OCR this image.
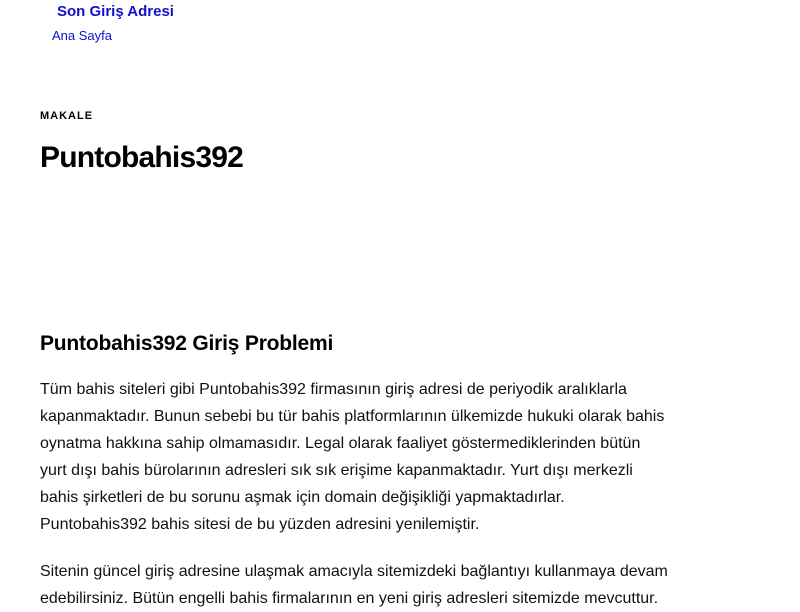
Son Giriş Adresi
Ana Sayfa
MAKALE
Puntobahis392
Puntobahis392 Giriş Problemi

Tüm bahis siteleri gibi Puntobahis392 firmasının giriş adresi de periyodik aralıklarla
kapanmaktadır. Bunun sebebi bu tür bahis platformlarının ülkemizde hukuki olarak bahis
oynatma hakkına sahip olmamasıdır. Legal olarak faaliyet göstermediklerinden bütün
yurt dışı bahis bürolarının adresleri sık sık erişime kapanmaktadır. Yurt dışı merkezli
bahis şirketleri de bu sorunu aşmak için domain değişikliği yapmaktadırlar.
Puntobahis392 bahis sitesi de bu yüzden adresini yenilemiştir.

Sitenin güncel giriş adresine ulaşmak amacıyla sitemizdeki bağlantıyı kullanmaya devam
edebilirsiniz. Bütün engelli bahis firmalarının en yeni giriş adresleri sitemizde mevcuttur.
